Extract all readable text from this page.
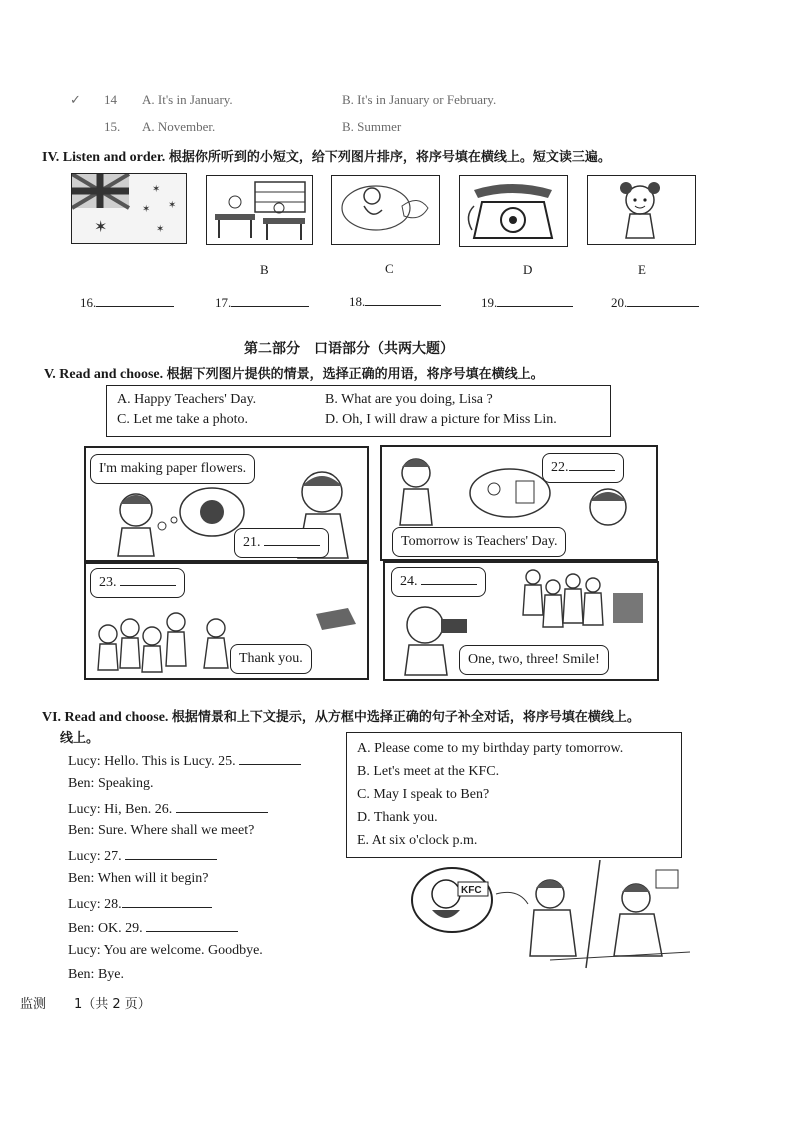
✓ 14 A. It's in January.	B. It's in January or February.
15. A. November.	B. Summer
IV. Listen and order. 根据你所听到的小短文，给下列图片排序，将序号填在横线上。短文读三遍。
✶
✶
✶ ✶
✶
B	C	D	E
16.	17.	18.	19.	20.
第二部分　口语部分（共两大题）
V. Read and choose. 根据下列图片提供的情景，选择正确的用语，将序号填在横线上。
A. Happy Teachers' Day.	B. What are you doing, Lisa ?
C. Let me take a photo.	D. Oh, I will draw a picture for Miss Lin.
I'm making paper flowers.
21.
22.
Tomorrow is Teachers' Day.
23.
Thank you.
24.
One, two, three! Smile!
VI. Read and choose. 根据情景和上下文提示，从方框中选择正确的句子补全对话，将序号填在横线上。
线上。
A. Please come to my birthday party tomorrow.
B. Let's meet at the KFC.
C. May I speak to Ben?
D. Thank you.
E. At six o'clock p.m.
Lucy: Hello. This is Lucy. 25.
Ben: Speaking.
Lucy: Hi, Ben. 26.
Ben: Sure. Where shall we meet?
Lucy: 27.
Ben: When will it begin?
Lucy: 28.
Ben: OK. 29.
Lucy: You are welcome. Goodbye.
Ben: Bye.
KFC
监测 1（共 2 页）
